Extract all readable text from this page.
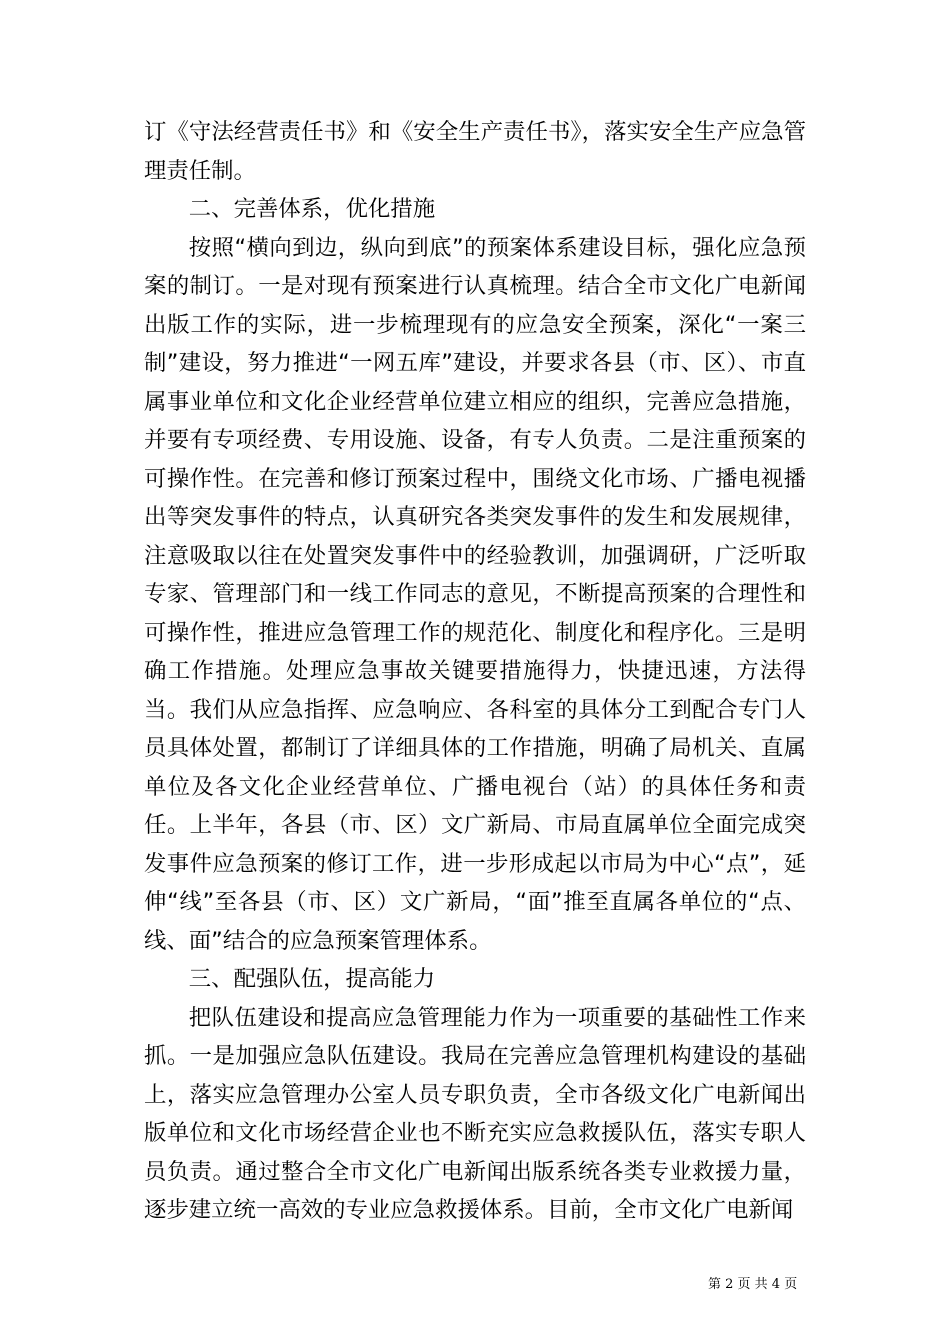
订《守法经营责任书》和《安全生产责任书》，落实安全生产应急管理责任制。

二、完善体系，优化措施

按照“横向到边，纵向到底”的预案体系建设目标，强化应急预案的制订。一是对现有预案进行认真梳理。结合全市文化广电新闻出版工作的实际，进一步梳理现有的应急安全预案，深化“一案三制”建设，努力推进“一网五库”建设，并要求各县（市、区）、市直属事业单位和文化企业经营单位建立相应的组织，完善应急措施，并要有专项经费、专用设施、设备，有专人负责。二是注重预案的可操作性。在完善和修订预案过程中，围绕文化市场、广播电视播出等突发事件的特点，认真研究各类突发事件的发生和发展规律，注意吸取以往在处置突发事件中的经验教训，加强调研，广泛听取专家、管理部门和一线工作同志的意见，不断提高预案的合理性和可操作性，推进应急管理工作的规范化、制度化和程序化。三是明确工作措施。处理应急事故关键要措施得力，快捷迅速，方法得当。我们从应急指挥、应急响应、各科室的具体分工到配合专门人员具体处置，都制订了详细具体的工作措施，明确了局机关、直属单位及各文化企业经营单位、广播电视台（站）的具体任务和责任。上半年，各县（市、区）文广新局、市局直属单位全面完成突发事件应急预案的修订工作，进一步形成起以市局为中心“点”，延伸“线”至各县（市、区）文广新局，“面”推至直属各单位的“点、线、面”结合的应急预案管理体系。

三、配强队伍，提高能力

把队伍建设和提高应急管理能力作为一项重要的基础性工作来抓。一是加强应急队伍建设。我局在完善应急管理机构建设的基础上，落实应急管理办公室人员专职负责，全市各级文化广电新闻出版单位和文化市场经营企业也不断充实应急救援队伍，落实专职人员负责。通过整合全市文化广电新闻出版系统各类专业救援力量，逐步建立统一高效的专业应急救援体系。目前，全市文化广电新闻

第 2 页 共 4 页
